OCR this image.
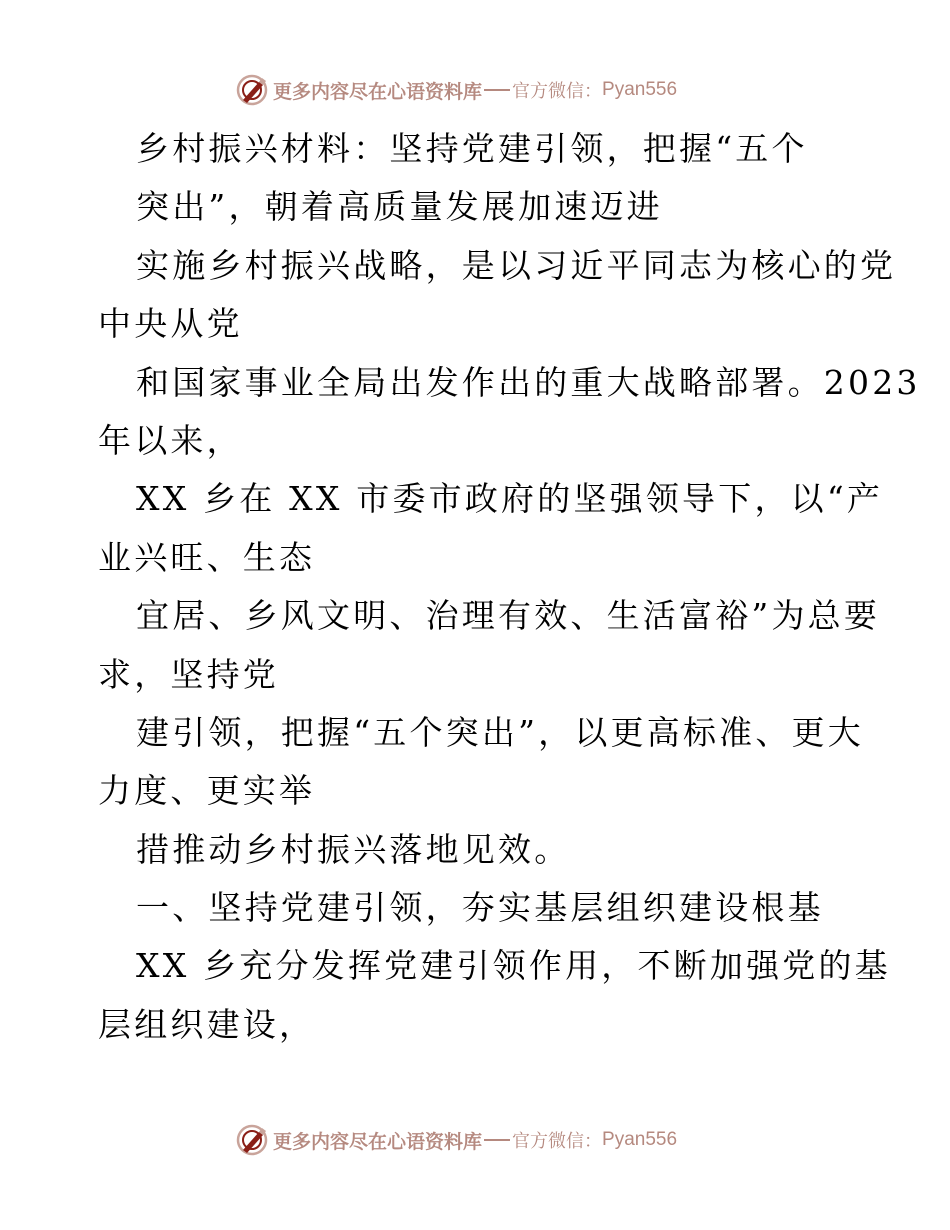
更多内容尽在心语资料库 官方微信： Pyan556
乡村振兴材料：坚持党建引领，把握“五个
突出”，朝着高质量发展加速迈进
实施乡村振兴战略，是以习近平同志为核心的党
中央从党
和国家事业全局出发作出的重大战略部署。2023
年以来，
XX 乡在 XX 市委市政府的坚强领导下，以“产
业兴旺、生态
宜居、乡风文明、治理有效、生活富裕”为总要
求，坚持党
建引领，把握“五个突出”，以更高标准、更大
力度、更实举
措推动乡村振兴落地见效。
一、坚持党建引领，夯实基层组织建设根基
XX 乡充分发挥党建引领作用，不断加强党的基
层组织建设，
更多内容尽在心语资料库 官方微信： Pyan556
